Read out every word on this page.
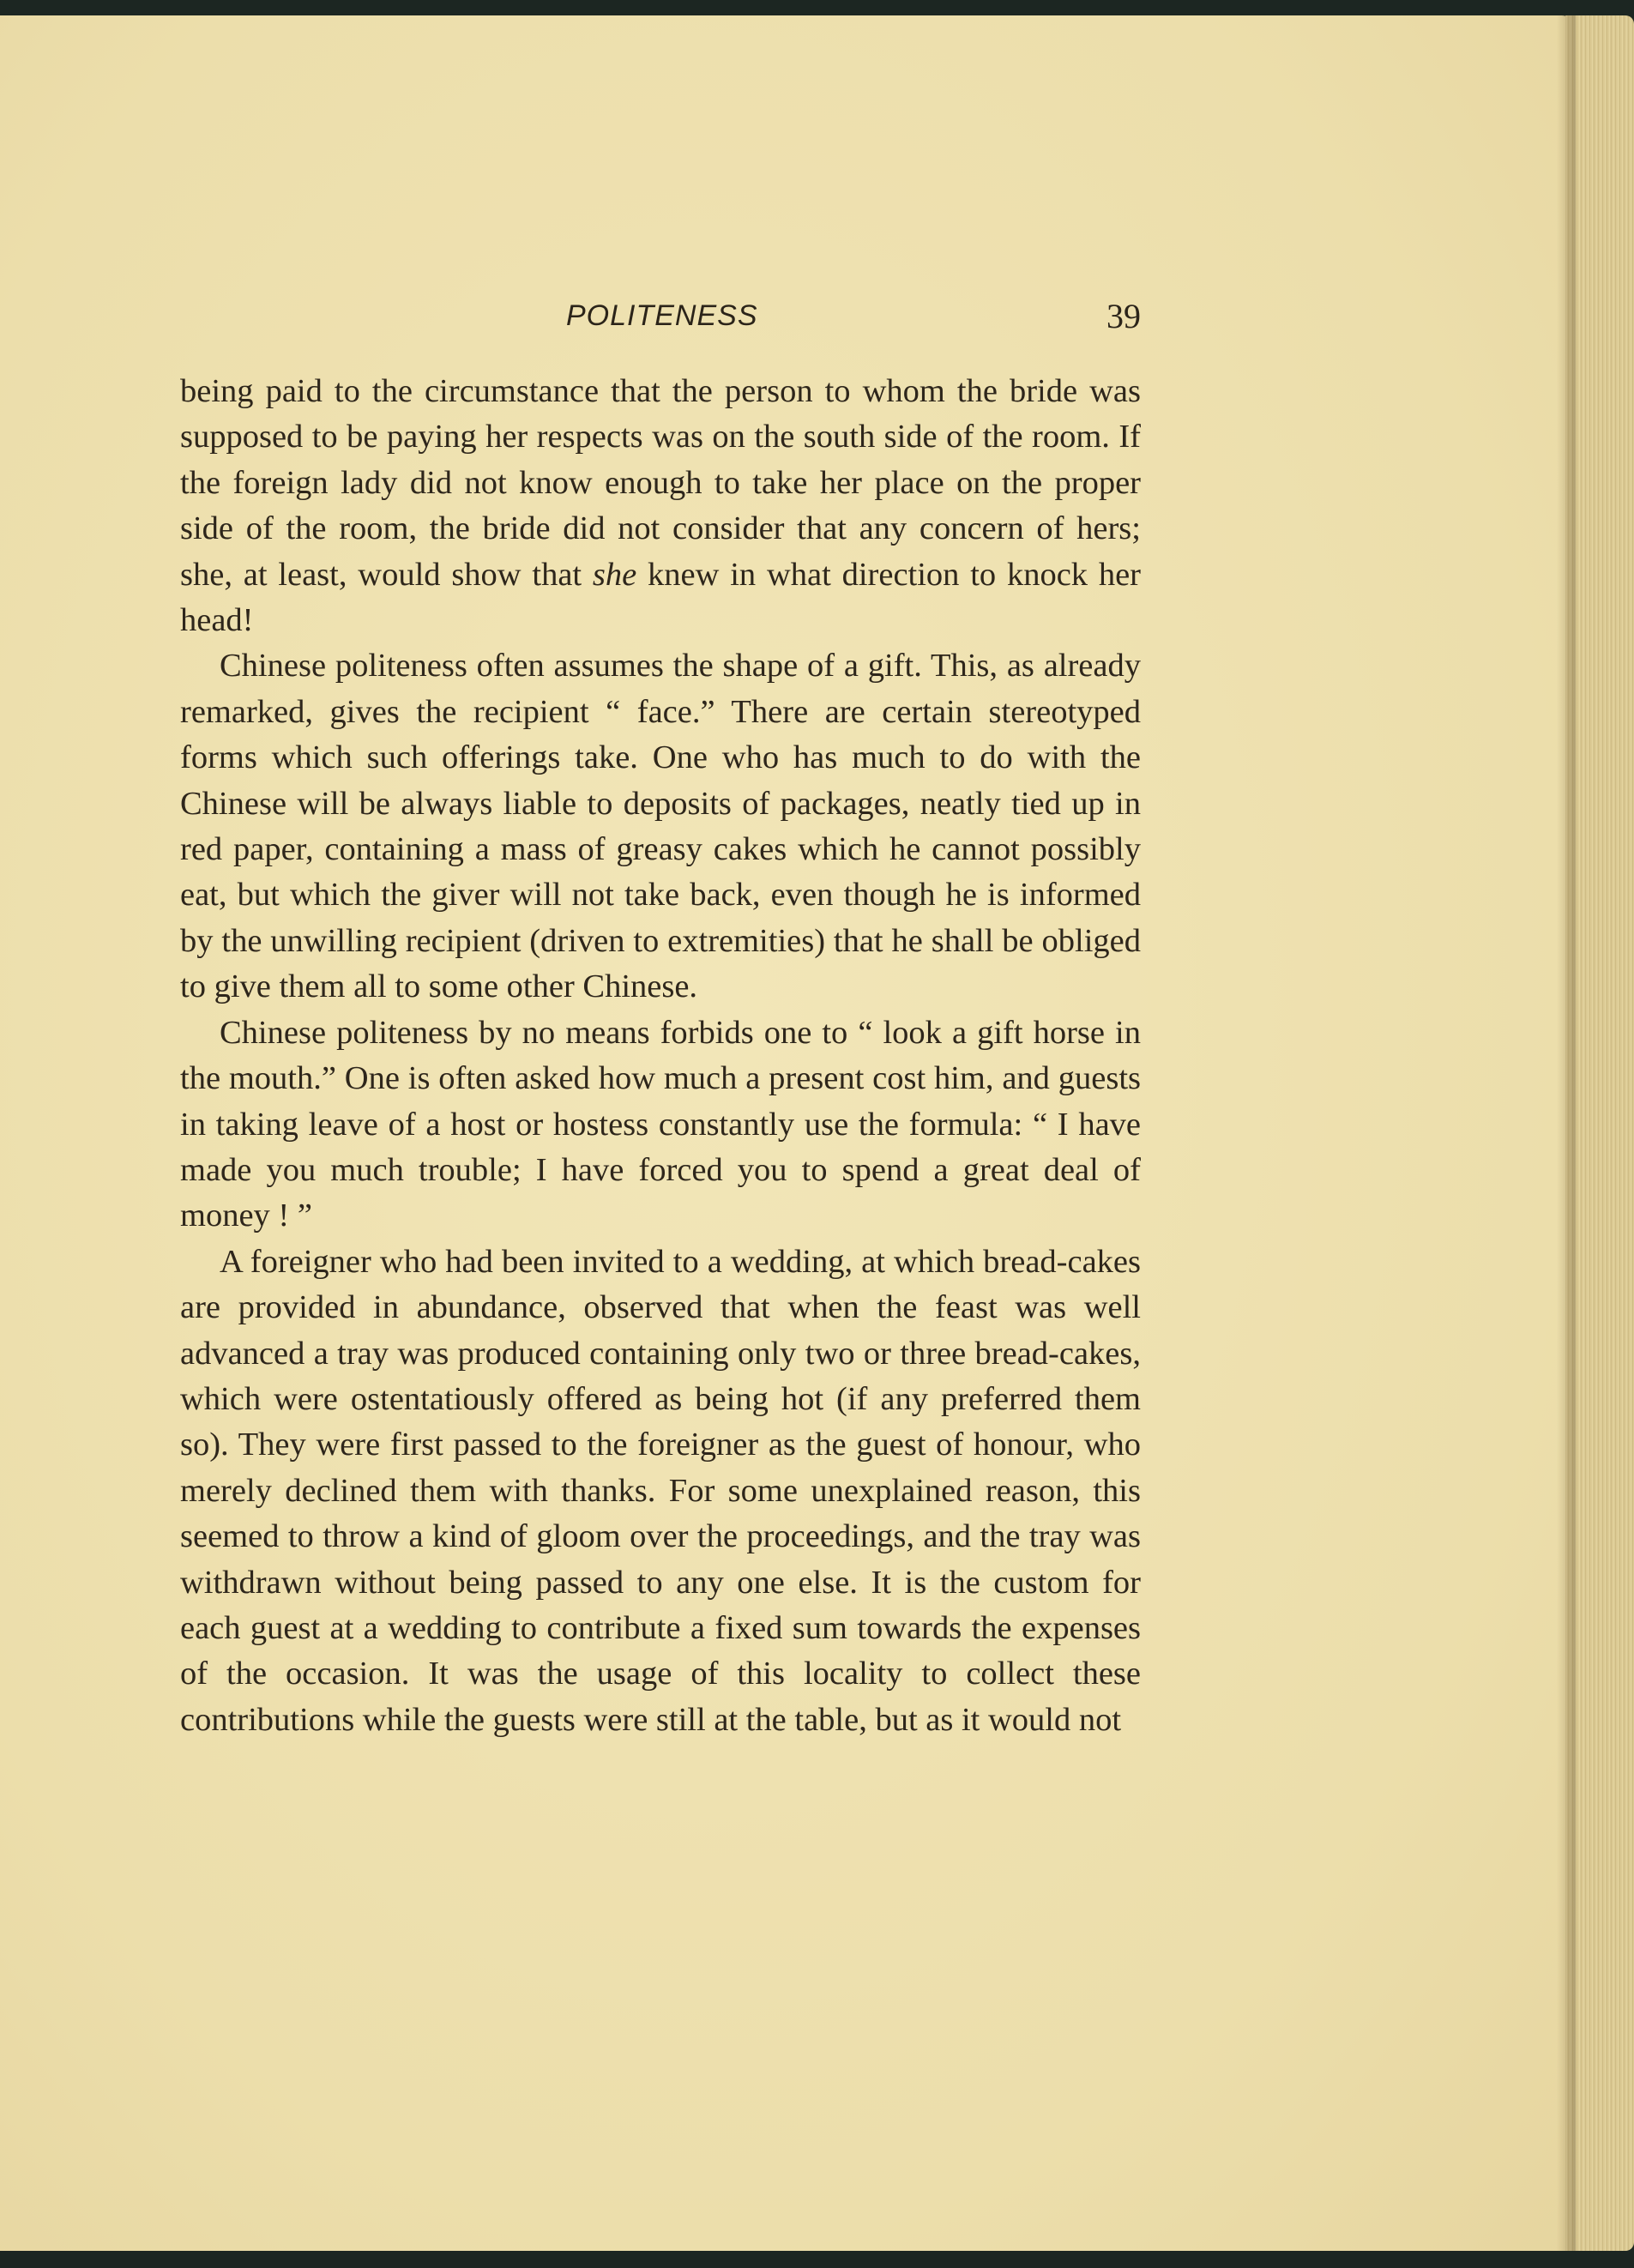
POLITENESS	39

being paid to the circumstance that the person to whom the bride was supposed to be paying her respects was on the south side of the room. If the foreign lady did not know enough to take her place on the proper side of the room, the bride did not consider that any concern of hers; she, at least, would show that she knew in what direction to knock her head!

Chinese politeness often assumes the shape of a gift. This, as already remarked, gives the recipient “ face.” There are certain stereotyped forms which such offerings take. One who has much to do with the Chinese will be always liable to deposits of packages, neatly tied up in red paper, containing a mass of greasy cakes which he cannot possibly eat, but which the giver will not take back, even though he is informed by the unwilling recipient (driven to extremities) that he shall be obliged to give them all to some other Chinese.

Chinese politeness by no means forbids one to “ look a gift horse in the mouth.” One is often asked how much a present cost him, and guests in taking leave of a host or hostess constantly use the formula: “ I have made you much trouble; I have forced you to spend a great deal of money ! ”

A foreigner who had been invited to a wedding, at which bread-cakes are provided in abundance, observed that when the feast was well advanced a tray was produced containing only two or three bread-cakes, which were ostentatiously offered as being hot (if any preferred them so). They were first passed to the foreigner as the guest of honour, who merely declined them with thanks. For some unexplained reason, this seemed to throw a kind of gloom over the proceedings, and the tray was withdrawn without being passed to any one else. It is the custom for each guest at a wedding to contribute a fixed sum towards the expenses of the occasion. It was the usage of this locality to collect these contributions while the guests were still at the table, but as it would not
